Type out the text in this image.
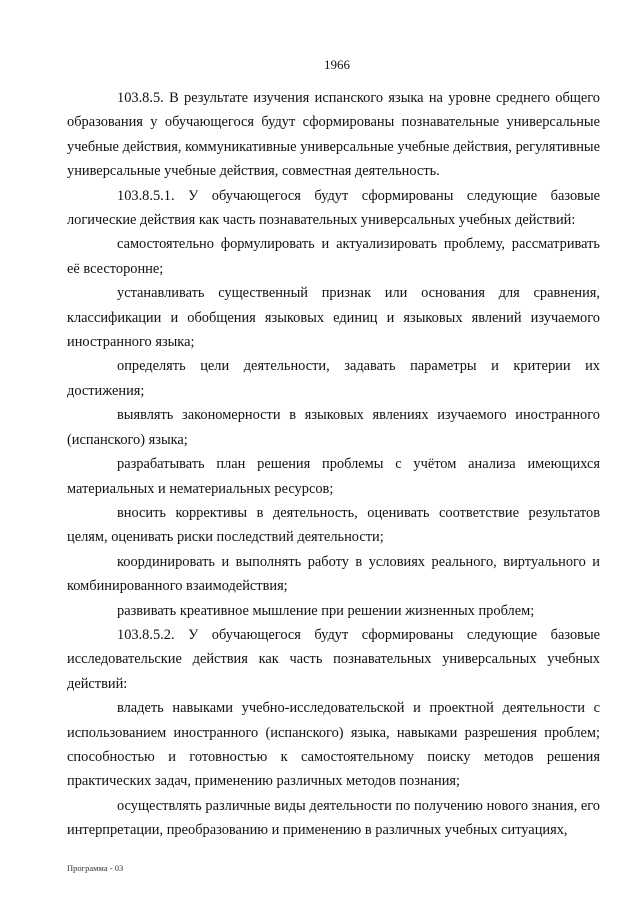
1966

103.8.5. В результате изучения испанского языка на уровне среднего общего образования у обучающегося будут сформированы познавательные универсальные учебные действия, коммуникативные универсальные учебные действия, регулятивные универсальные учебные действия, совместная деятельность.

103.8.5.1. У обучающегося будут сформированы следующие базовые логические действия как часть познавательных универсальных учебных действий:

самостоятельно формулировать и актуализировать проблему, рассматривать её всесторонне;

устанавливать существенный признак или основания для сравнения, классификации и обобщения языковых единиц и языковых явлений изучаемого иностранного языка;

определять цели деятельности, задавать параметры и критерии их достижения;

выявлять закономерности в языковых явлениях изучаемого иностранного (испанского) языка;

разрабатывать план решения проблемы с учётом анализа имеющихся материальных и нематериальных ресурсов;

вносить коррективы в деятельность, оценивать соответствие результатов целям, оценивать риски последствий деятельности;

координировать и выполнять работу в условиях реального, виртуального и комбинированного взаимодействия;

развивать креативное мышление при решении жизненных проблем;

103.8.5.2. У обучающегося будут сформированы следующие базовые исследовательские действия как часть познавательных универсальных учебных действий:

владеть навыками учебно-исследовательской и проектной деятельности с использованием иностранного (испанского) языка, навыками разрешения проблем; способностью и готовностью к самостоятельному поиску методов решения практических задач, применению различных методов познания;

осуществлять различные виды деятельности по получению нового знания, его интерпретации, преобразованию и применению в различных учебных ситуациях,

Программа - 03
